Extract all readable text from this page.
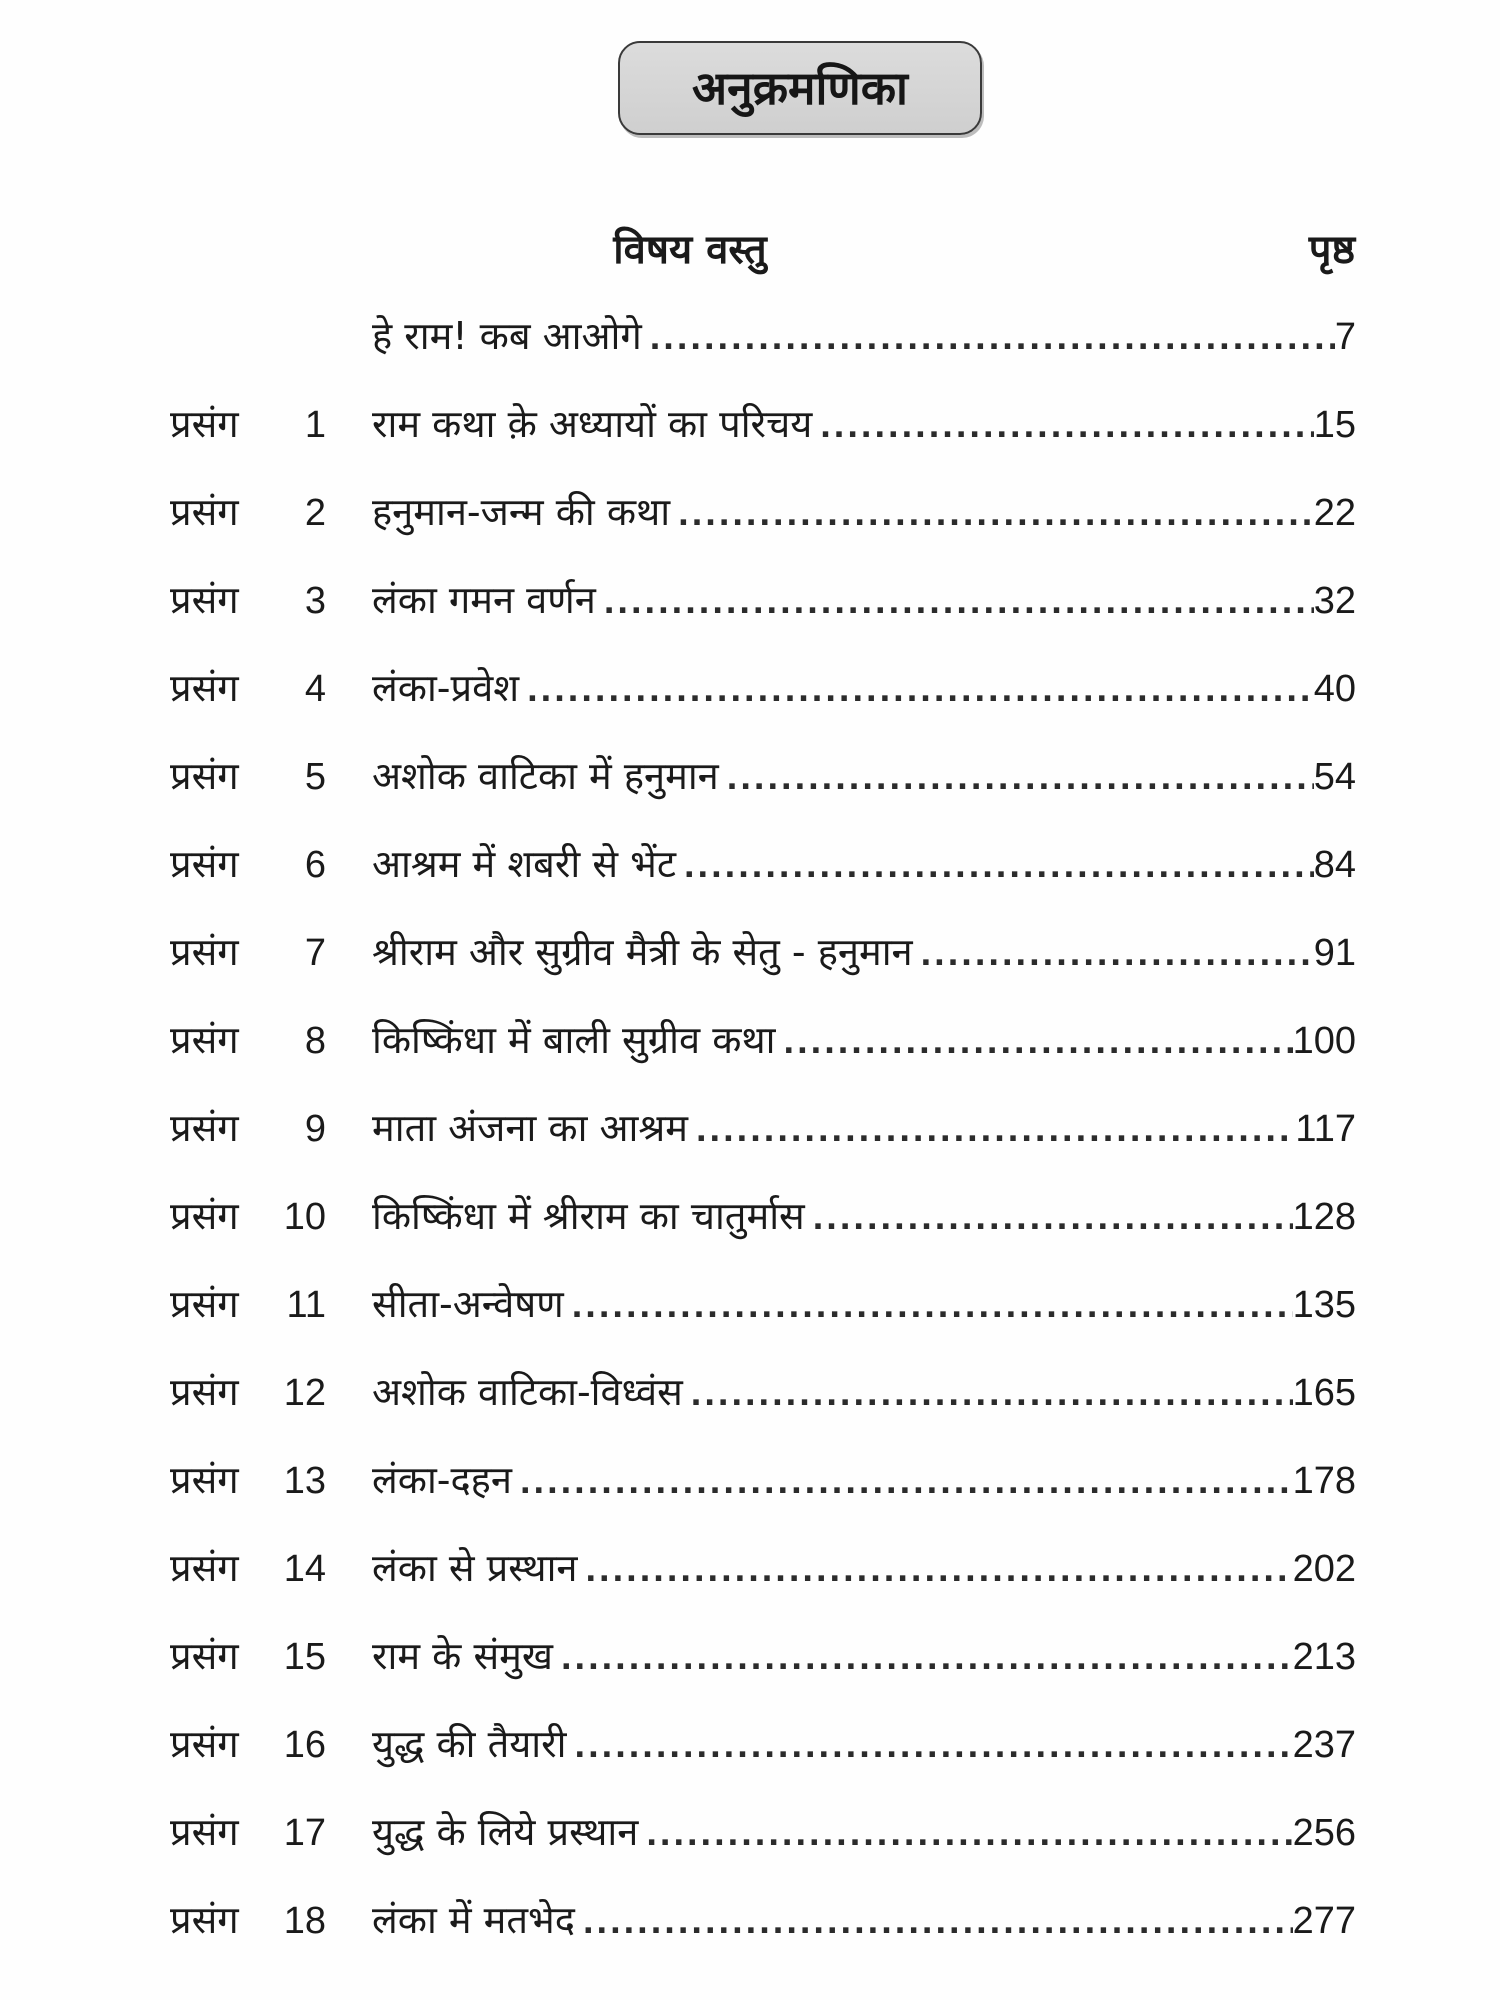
अनुक्रमणिका
विषय वस्तु	पृष्ठ
हे राम! कब आओगे .....	7
प्रसंग 1 राम कथा क़े अध्यायों का परिचय .....	15
प्रसंग 2 हनुमान-जन्म की कथा .....	22
प्रसंग 3 लंका गमन वर्णन .....	32
प्रसंग 4 लंका-प्रवेश .....	40
प्रसंग 5 अशोक वाटिका में हनुमान .....	54
प्रसंग 6 आश्रम में शबरी से भेंट .....	84
प्रसंग 7 श्रीराम और सुग्रीव मैत्री के सेतु - हनुमान .....	91
प्रसंग 8 किष्किंधा में बाली सुग्रीव कथा .....	100
प्रसंग 9 माता अंजना का आश्रम .....	117
प्रसंग 10 किष्किंधा में श्रीराम का चातुर्मास .....	128
प्रसंग 11 सीता-अन्वेषण .....	135
प्रसंग 12 अशोक वाटिका-विध्वंस .....	165
प्रसंग 13 लंका-दहन .....	178
प्रसंग 14 लंका से प्रस्थान .....	202
प्रसंग 15 राम के संमुख .....	213
प्रसंग 16 युद्ध की तैयारी .....	237
प्रसंग 17 युद्ध के लिये प्रस्थान .....	256
प्रसंग 18 लंका में मतभेद .....	277
